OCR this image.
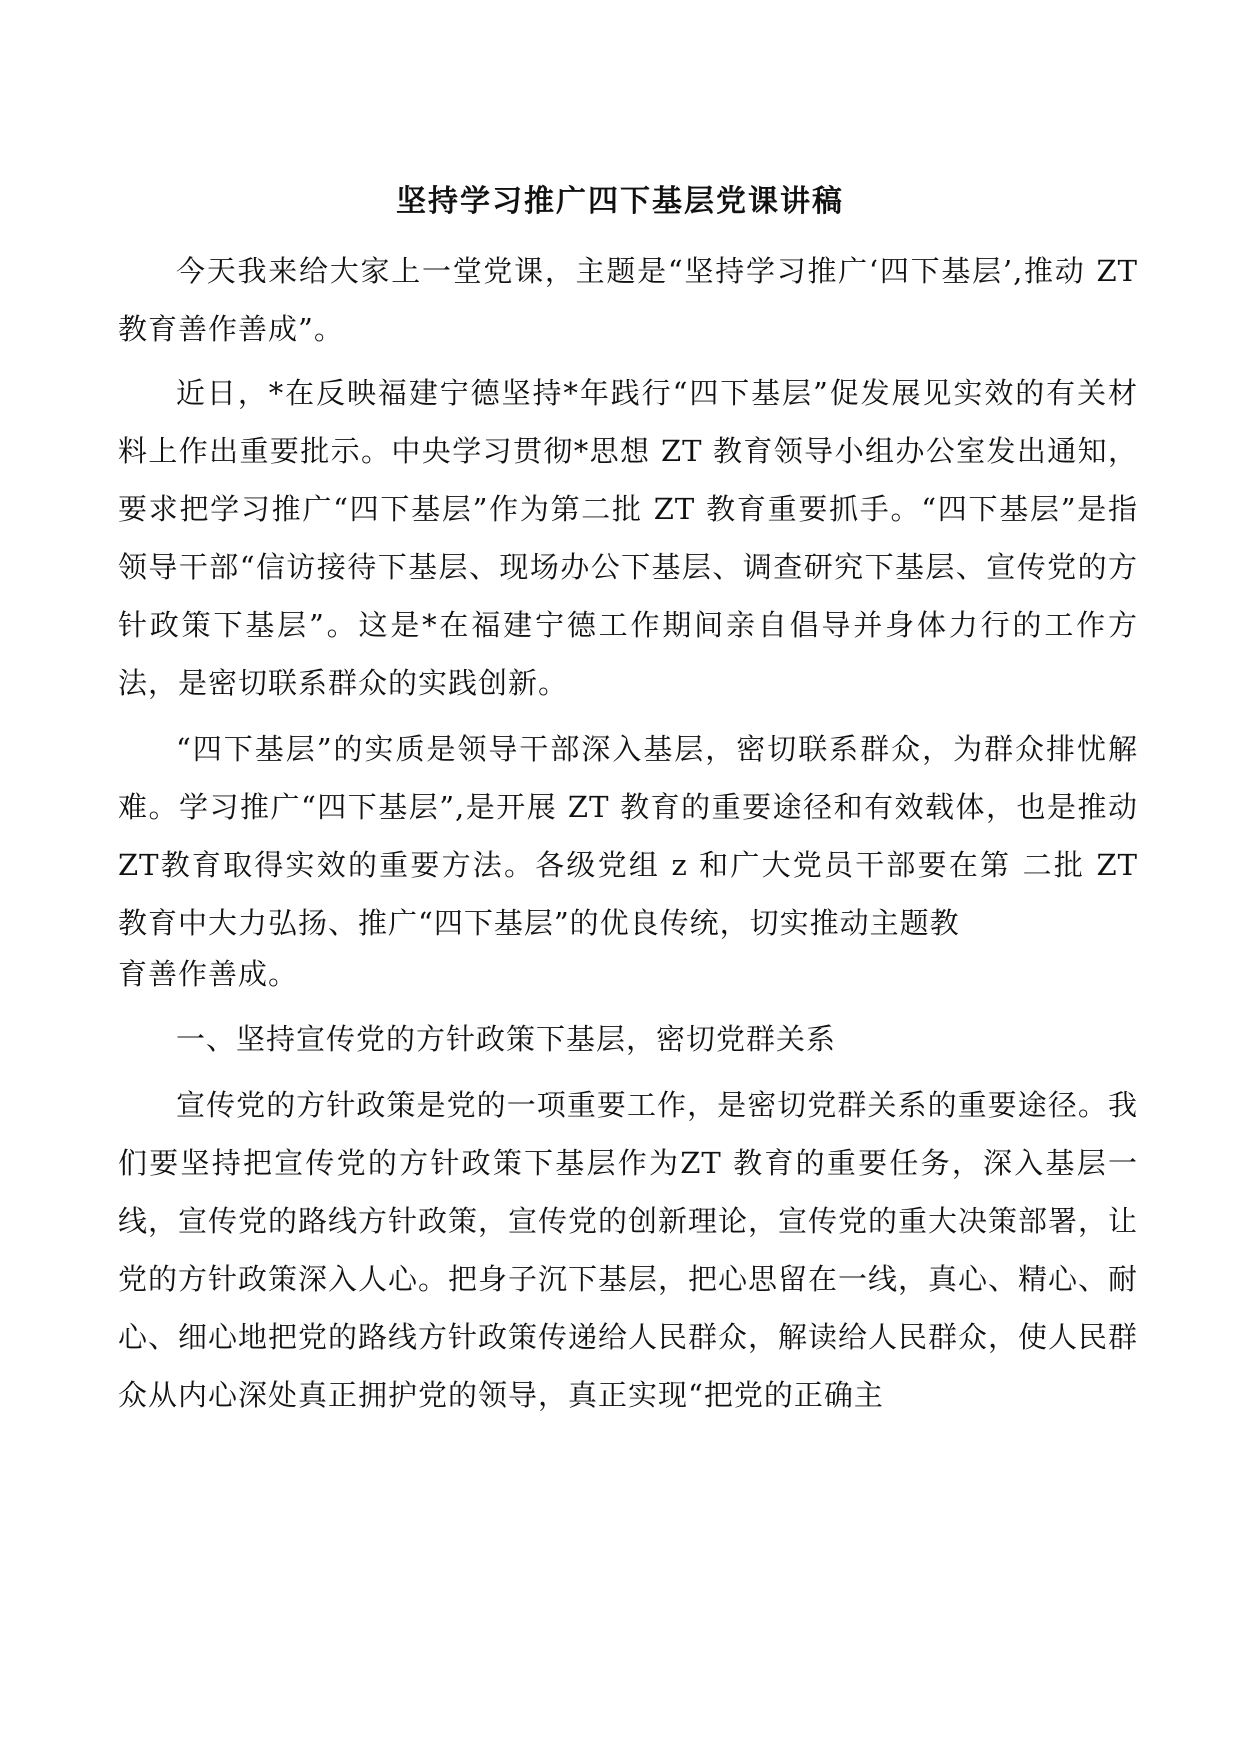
坚持学习推广四下基层党课讲稿

今天我来给大家上一堂党课，主题是“坚持学习推广‘四下基层’,推动 ZT 教育善作善成”。

近日，*在反映福建宁德坚持*年践行“四下基层”促发展见实效的有关材料上作出重要批示。中央学习贯彻*思想 ZT 教育领导小组办公室发出通知，要求把学习推广“四下基层”作为第二批 ZT 教育重要抓手。“四下基层”是指领导干部“信访接待下基层、现场办公下基层、调查研究下基层、宣传党的方针政策下基层”。这是*在福建宁德工作期间亲自倡导并身体力行的工作方法，是密切联系群众的实践创新。

“四下基层”的实质是领导干部深入基层，密切联系群众，为群众排忧解难。学习推广“四下基层”,是开展 ZT 教育的重要途径和有效载体，也是推动 ZT教育取得实效的重要方法。各级党组 z 和广大党员干部要在第 二批 ZT 教育中大力弘扬、推广“四下基层”的优良传统，切实推动主题教

育善作善成。

一、坚持宣传党的方针政策下基层，密切党群关系

宣传党的方针政策是党的一项重要工作，是密切党群关系的重要途径。我们要坚持把宣传党的方针政策下基层作为ZT 教育的重要任务，深入基层一线，宣传党的路线方针政策，宣传党的创新理论，宣传党的重大决策部署，让党的方针政策深入人心。把身子沉下基层，把心思留在一线，真心、精心、耐心、细心地把党的路线方针政策传递给人民群众，解读给人民群众，使人民群众从内心深处真正拥护党的领导，真正实现“把党的正确主
